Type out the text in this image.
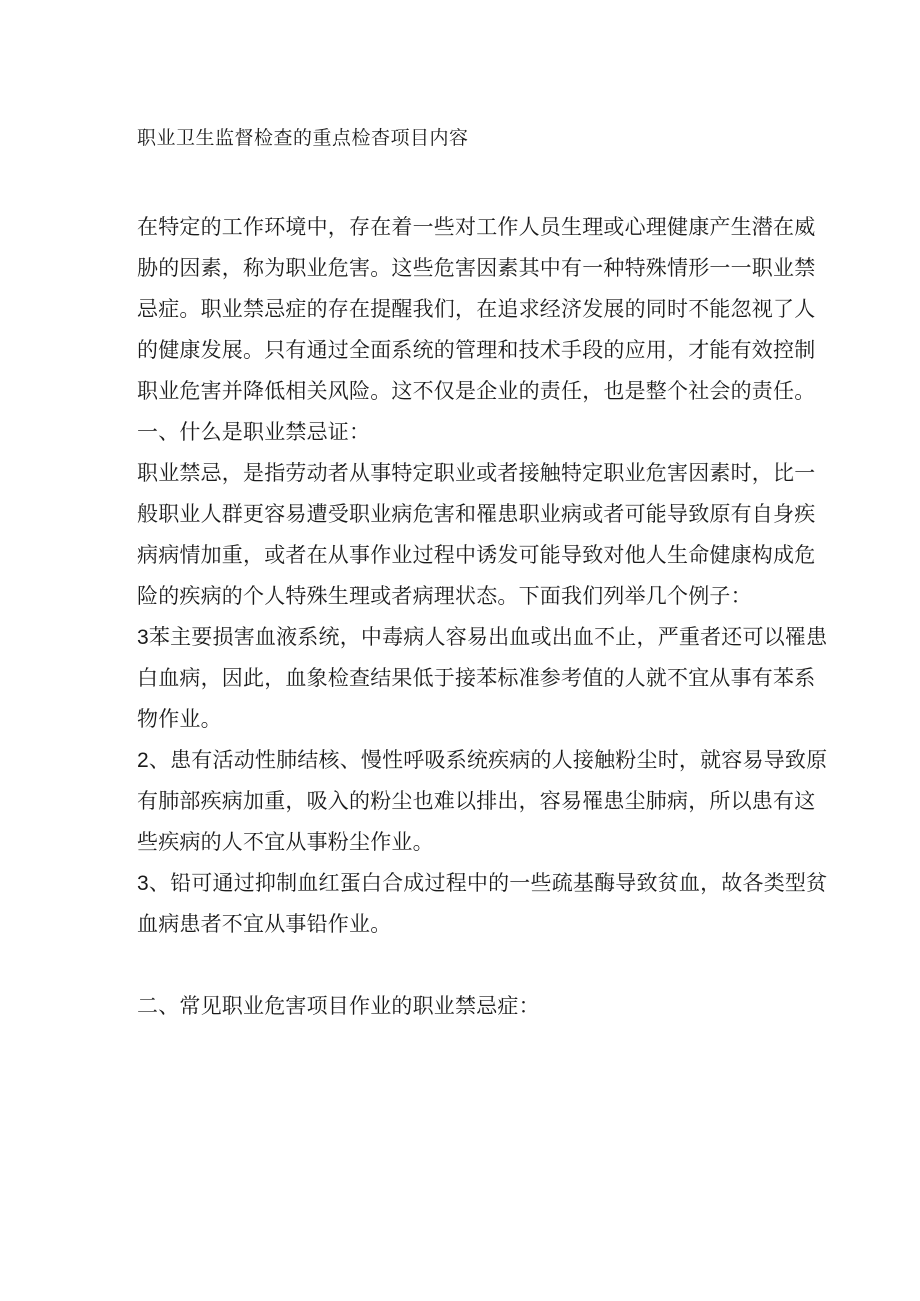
职业卫生监督检查的重点检杳项目内容
在特定的工作环境中，存在着一些对工作人员生理或心理健康产生潜在威
胁的因素，称为职业危害。这些危害因素其中有一种特殊情形一一职业禁
忌症。职业禁忌症的存在提醒我们，在追求经济发展的同时不能忽视了人
的健康发展。只有通过全面系统的管理和技术手段的应用，才能有效控制
职业危害并降低相关风险。这不仅是企业的责任，也是整个社会的责任。
一、什么是职业禁忌证：
职业禁忌，是指劳动者从事特定职业或者接触特定职业危害因素时，比一
般职业人群更容易遭受职业病危害和罹患职业病或者可能导致原有自身疾
病病情加重，或者在从事作业过程中诱发可能导致对他人生命健康构成危
险的疾病的个人特殊生理或者病理状态。下面我们列举几个例子：
3苯主要损害血液系统，中毒病人容易出血或出血不止，严重者还可以罹患
白血病，因此，血象检查结果低于接苯标准参考值的人就不宜从事有苯系
物作业。
2、患有活动性肺结核、慢性呼吸系统疾病的人接触粉尘时，就容易导致原
有肺部疾病加重，吸入的粉尘也难以排出，容易罹患尘肺病，所以患有这
些疾病的人不宜从事粉尘作业。
3、铅可通过抑制血红蛋白合成过程中的一些疏基酶导致贫血，故各类型贫
血病患者不宜从事铅作业。
二、常见职业危害项目作业的职业禁忌症：
